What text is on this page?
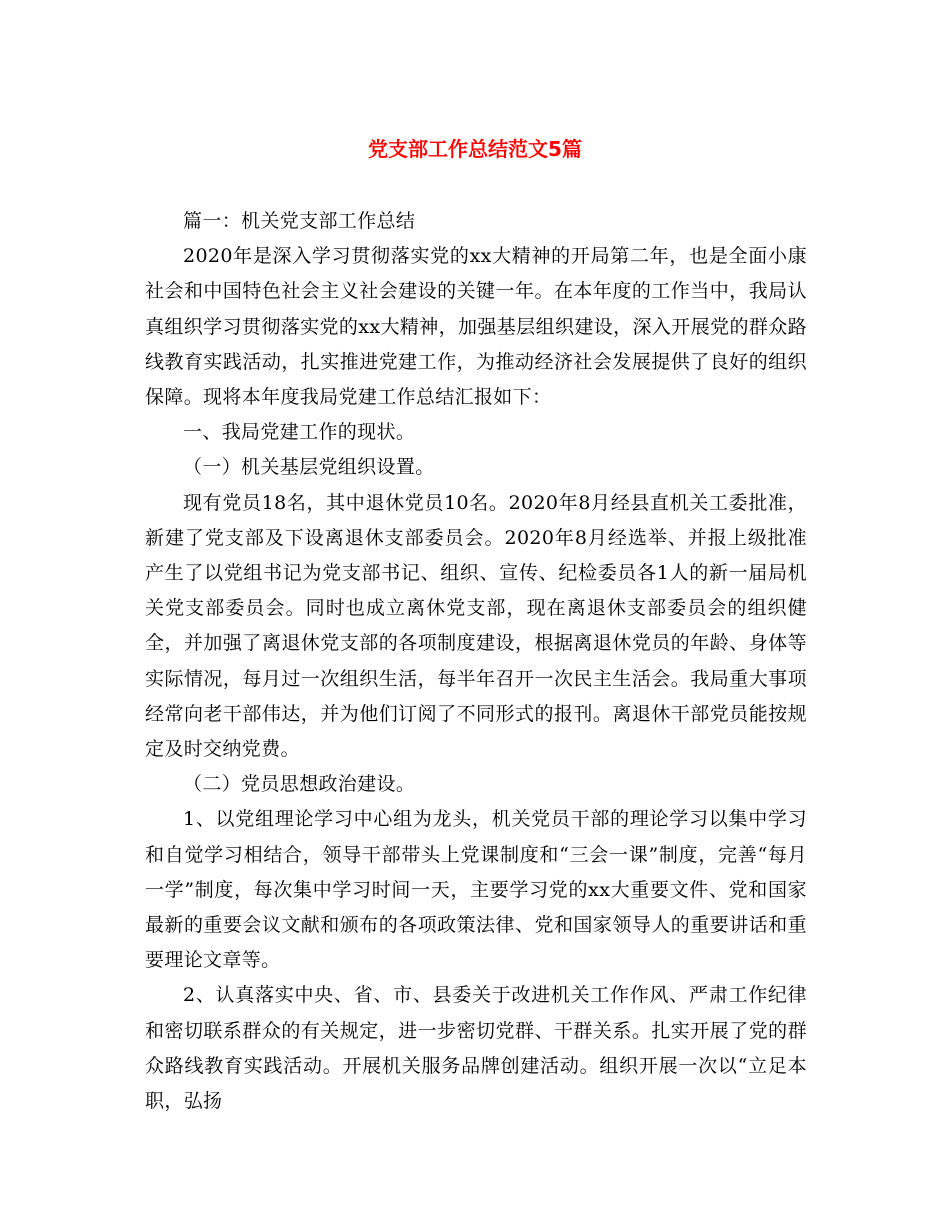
党支部工作总结范文5篇

篇一：机关党支部工作总结

2020年是深入学习贯彻落实党的xx大精神的开局第二年，也是全面小康社会和中国特色社会主义社会建设的关键一年。在本年度的工作当中，我局认真组织学习贯彻落实党的xx大精神，加强基层组织建设，深入开展党的群众路线教育实践活动，扎实推进党建工作，为推动经济社会发展提供了良好的组织保障。现将本年度我局党建工作总结汇报如下：

一、我局党建工作的现状。

（一）机关基层党组织设置。

现有党员18名，其中退休党员10名。2020年8月经县直机关工委批准，新建了党支部及下设离退休支部委员会。2020年8月经选举、并报上级批准产生了以党组书记为党支部书记、组织、宣传、纪检委员各1人的新一届局机关党支部委员会。同时也成立离休党支部，现在离退休支部委员会的组织健全，并加强了离退休党支部的各项制度建设，根据离退休党员的年龄、身体等实际情况，每月过一次组织生活，每半年召开一次民主生活会。我局重大事项经常向老干部伟达，并为他们订阅了不同形式的报刊。离退休干部党员能按规定及时交纳党费。

（二）党员思想政治建设。

1、以党组理论学习中心组为龙头，机关党员干部的理论学习以集中学习和自觉学习相结合，领导干部带头上党课制度和“三会一课”制度，完善“每月一学”制度，每次集中学习时间一天，主要学习党的xx大重要文件、党和国家最新的重要会议文献和颁布的各项政策法律、党和国家领导人的重要讲话和重要理论文章等。

2、认真落实中央、省、市、县委关于改进机关工作作风、严肃工作纪律和密切联系群众的有关规定，进一步密切党群、干群关系。扎实开展了党的群众路线教育实践活动。开展机关服务品牌创建活动。组织开展一次以“立足本职，弘扬
